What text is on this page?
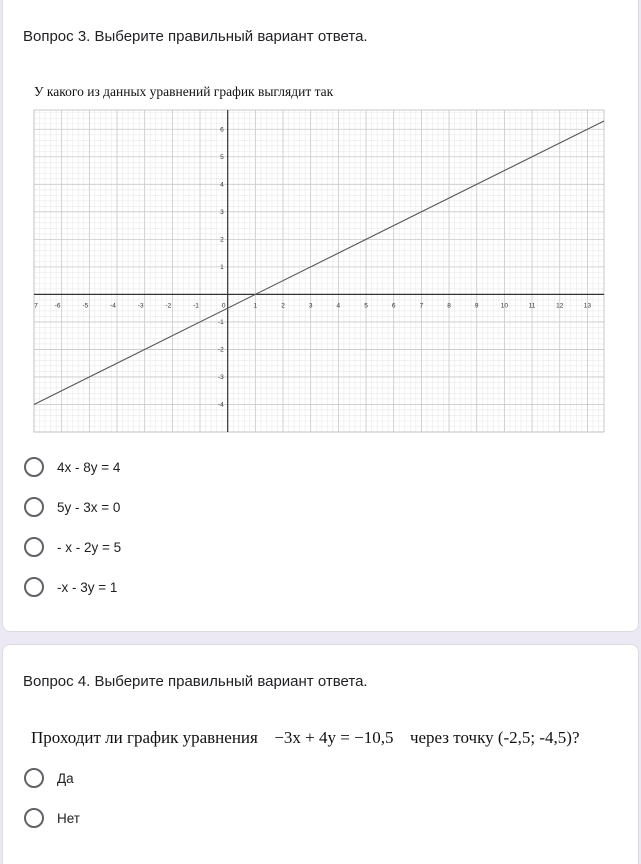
Вопрос 3. Выберите правильный вариант ответа.
У какого из данных уравнений график выглядит так
7	-6	-5	-4	-3	-2	-1	0	1	2	3	4	5	6	7	8	9	10	11	12	13
6
5
4
3
2
1
-1
-2
-3
-4
4x - 8y = 4
5y - 3x = 0
- x - 2y = 5
-x - 3y = 1
Вопрос 4. Выберите правильный вариант ответа.
Проходит ли график уравнения −3x + 4y = −10,5 через точку (-2,5; -4,5)?
Да
Нет
